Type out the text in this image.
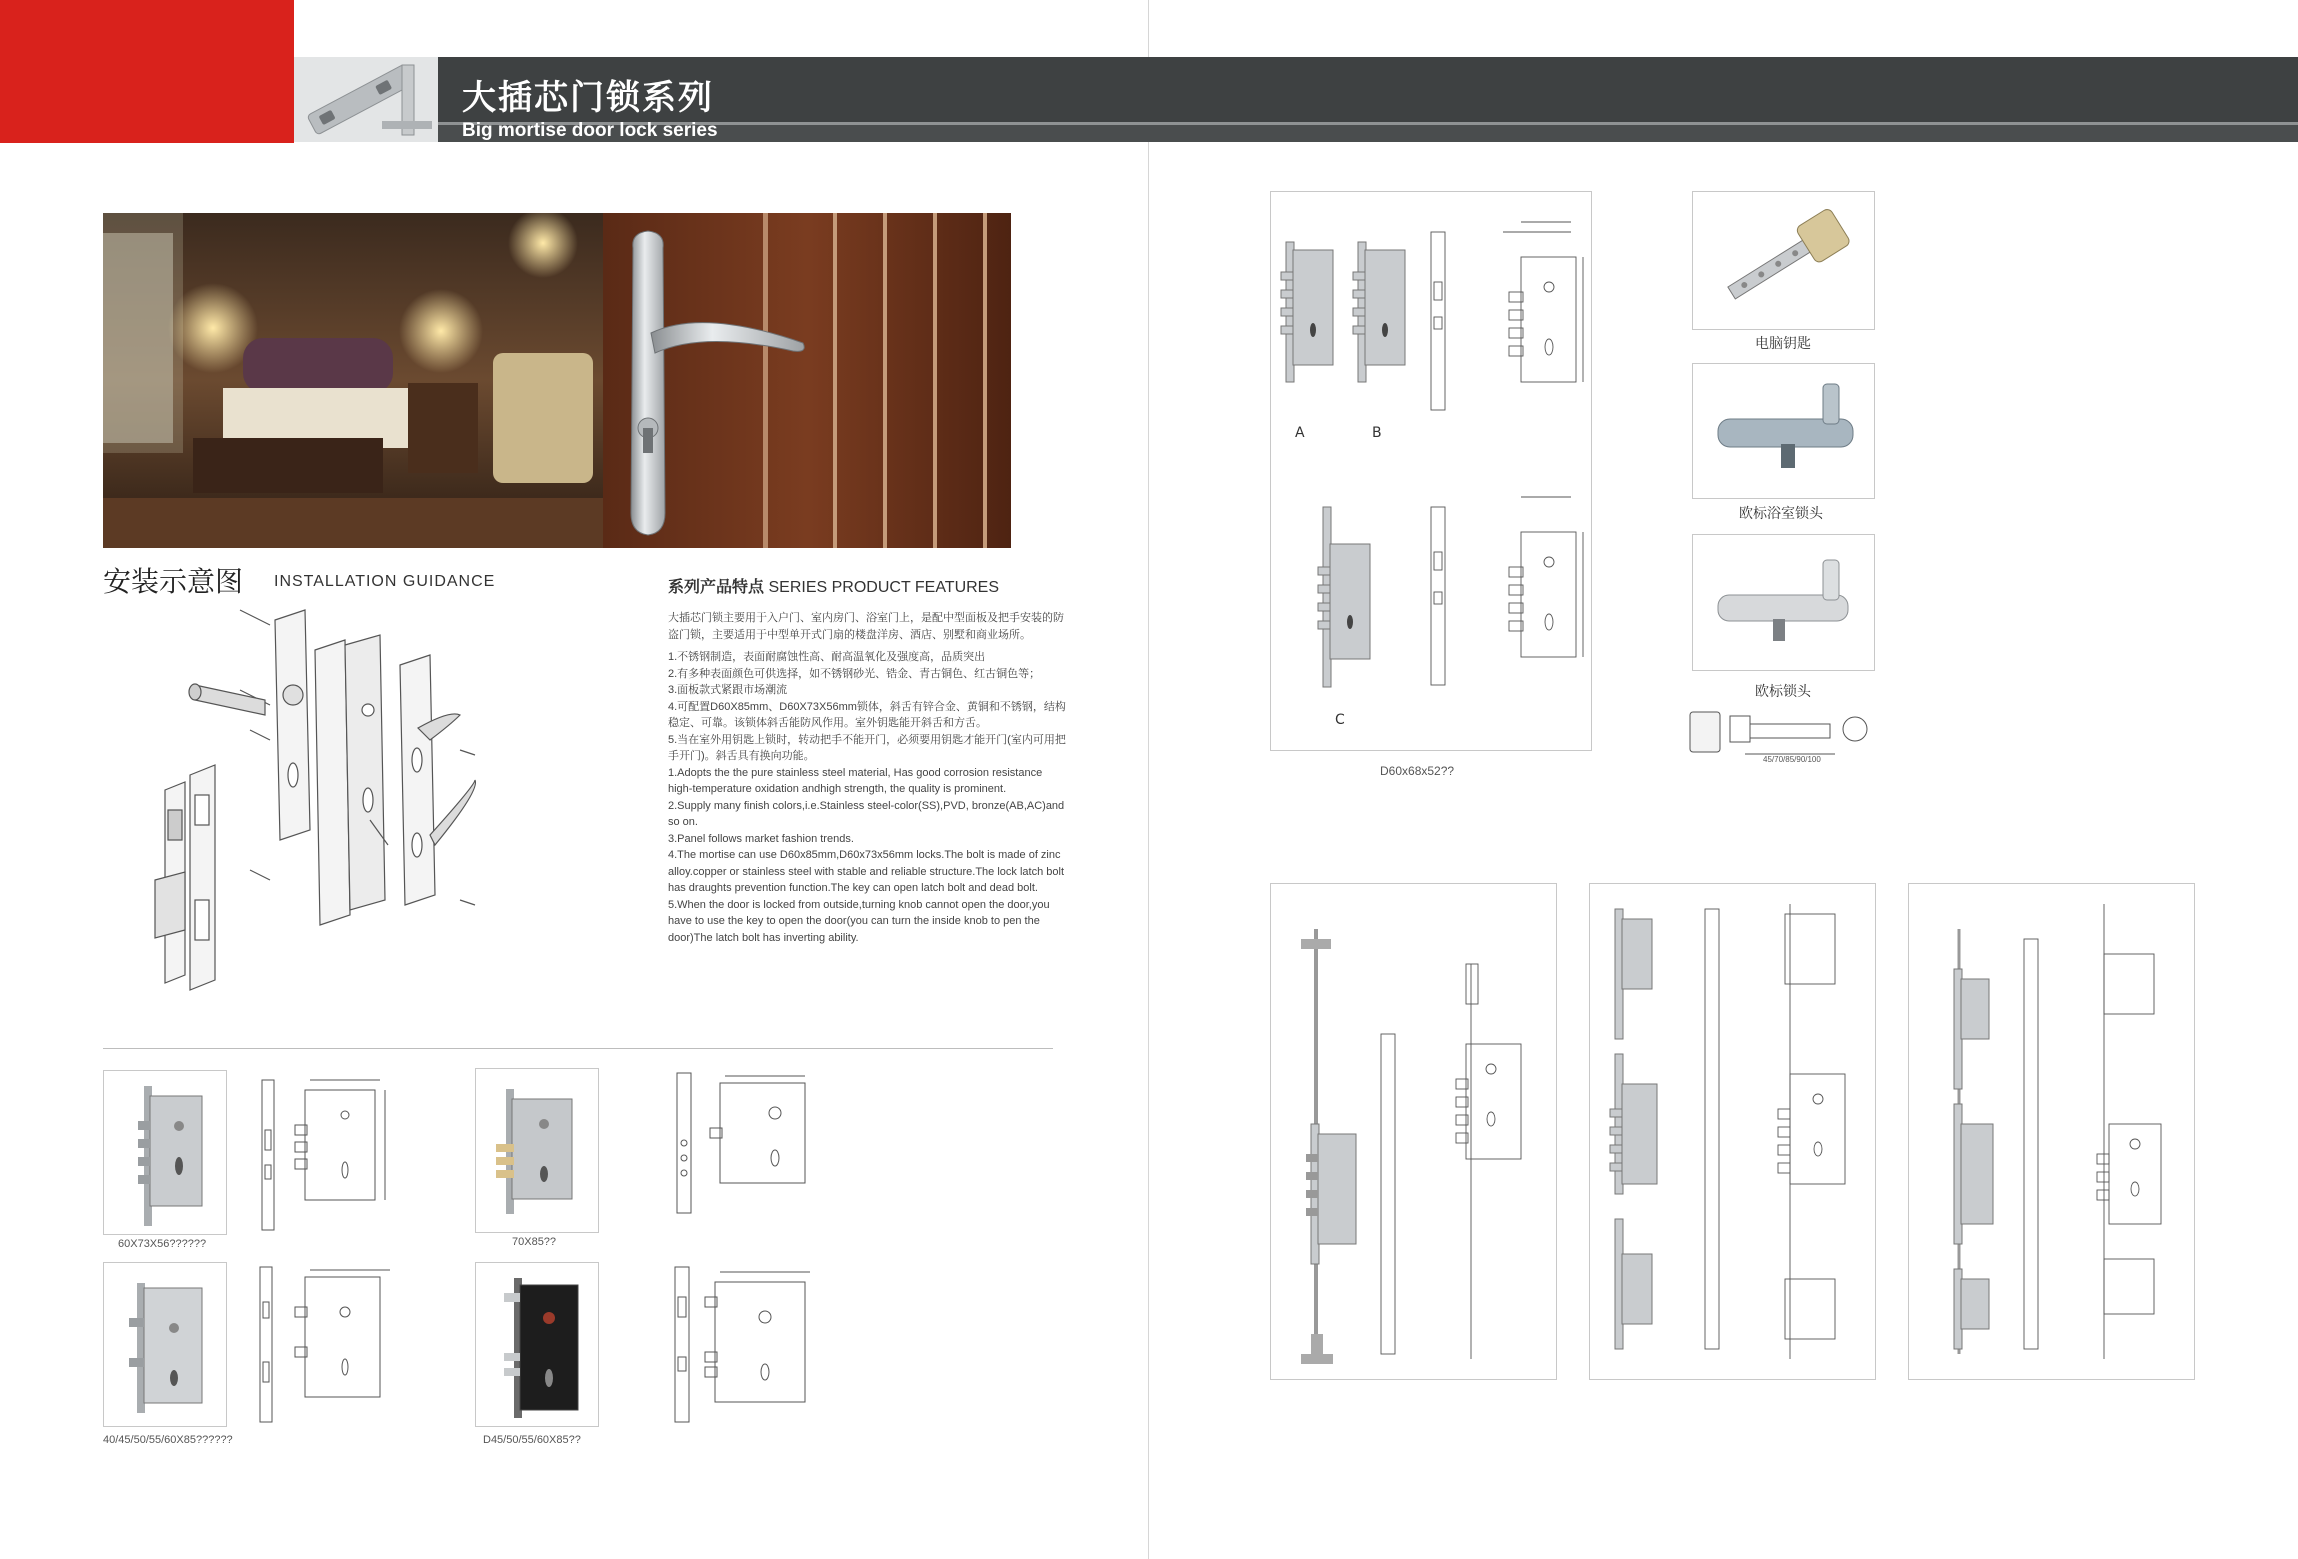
大插芯门锁系列
Big mortise door lock series
安装示意图 INSTALLATION GUIDANCE	系列产品特点 SERIES PRODUCT FEATURES

大插芯门锁主要用于入户门、室内房门、浴室门上，是配中型面板及把手安装的防盗门锁，主要适用于中型单开式门扇的楼盘洋房、酒店、别墅和商业场所。

1.不锈钢制造，表面耐腐蚀性高、耐高温氧化及强度高，品质突出

2.有多种表面颜色可供选择，如不锈钢砂光、锆金、青古铜色、红古铜色等；

3.面板款式紧跟市场潮流

4.可配置D60X85mm、D60X73X56mm锁体，斜舌有锌合金、黄铜和不锈钢，结构稳定、可靠。该锁体斜舌能防风作用。室外钥匙能开斜舌和方舌。

5.当在室外用钥匙上锁时，转动把手不能开门，必须要用钥匙才能开门(室内可用把手开门)。斜舌具有换向功能。

1.Adopts the the pure stainless steel material, Has good corrosion resistance high-temperature oxidation andhigh strength, the quality is prominent.

2.Supply many finish colors,i.e.Stainless steel-color(SS),PVD, bronze(AB,AC)and so on.

3.Panel follows market fashion trends.

4.The mortise can use D60x85mm,D60x73x56mm locks.The bolt is made of zinc alloy.copper or stainless steel with stable and reliable structure.The lock latch bolt has draughts prevention function.The key can open latch bolt and dead bolt.

5.When the door is locked from outside,turning knob cannot open the door,you have to use the key to open the door(you can turn the inside knob to pen the door)The latch bolt has inverting ability.

60X73X56??????	70X85??
40/45/50/55/60X85??????	D45/50/55/60X85??
A	B
C
D60x68x52??
电脑钥匙
欧标浴室锁头
欧标锁头
45/70/85/90/100
